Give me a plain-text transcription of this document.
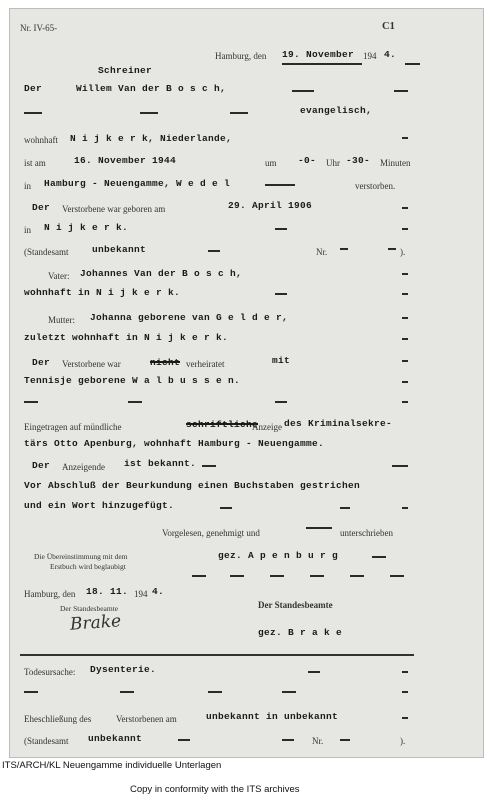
Nr. IV-65-	C1
Hamburg, den 19. November 194 4.
Schreiner
Der	Willem Van der B o s c h,
evangelisch,
wohnhaft N i j k e r k, Niederlande,
ist am	16. November 1944	um -0- Uhr -30- Minuten
in Hamburg - Neuengamme, W e d e l	verstorben.
Der Verstorbene war geboren am	29. April 1906
in N i j k e r k.
(Standesamt unbekannt	Nr.	).
Vater: Johannes Van der B o s c h,
wohnhaft in N i j k e r k.
Mutter: Johanna geborene van G e l d e r,
zuletzt wohnhaft in N i j k e r k.
Der Verstorbene war	nicht verheiratet	mit
Tennisje geborene W a l b u s s e n.
Eingetragen auf mündliche	schriftliche
Anzeige des Kriminalsekre-
tärs Otto Apenburg, wohnhaft Hamburg - Neuengamme.
Der Anzeigende ist bekannt.
Vor Abschluß der Beurkundung einen Buchstaben gestrichen
und ein Wort hinzugefügt.
Vorgelesen, genehmigt und	unterschrieben
Die Übereinstimmung mit dem
Erstbuch wird beglaubigt
gez. A p e n b u r g
Hamburg, den 18. 11. 194 4.
Der Standesbeamte
Brake
Der Standesbeamte
gez. B r a k e
Todesursache: Dysenterie.
Eheschließung des	Verstorbenen am	unbekannt in unbekannt
(Standesamt unbekannt	Nr.	).
ITS/ARCH/KL Neuengamme individuelle Unterlagen
Copy in conformity with the ITS archives
